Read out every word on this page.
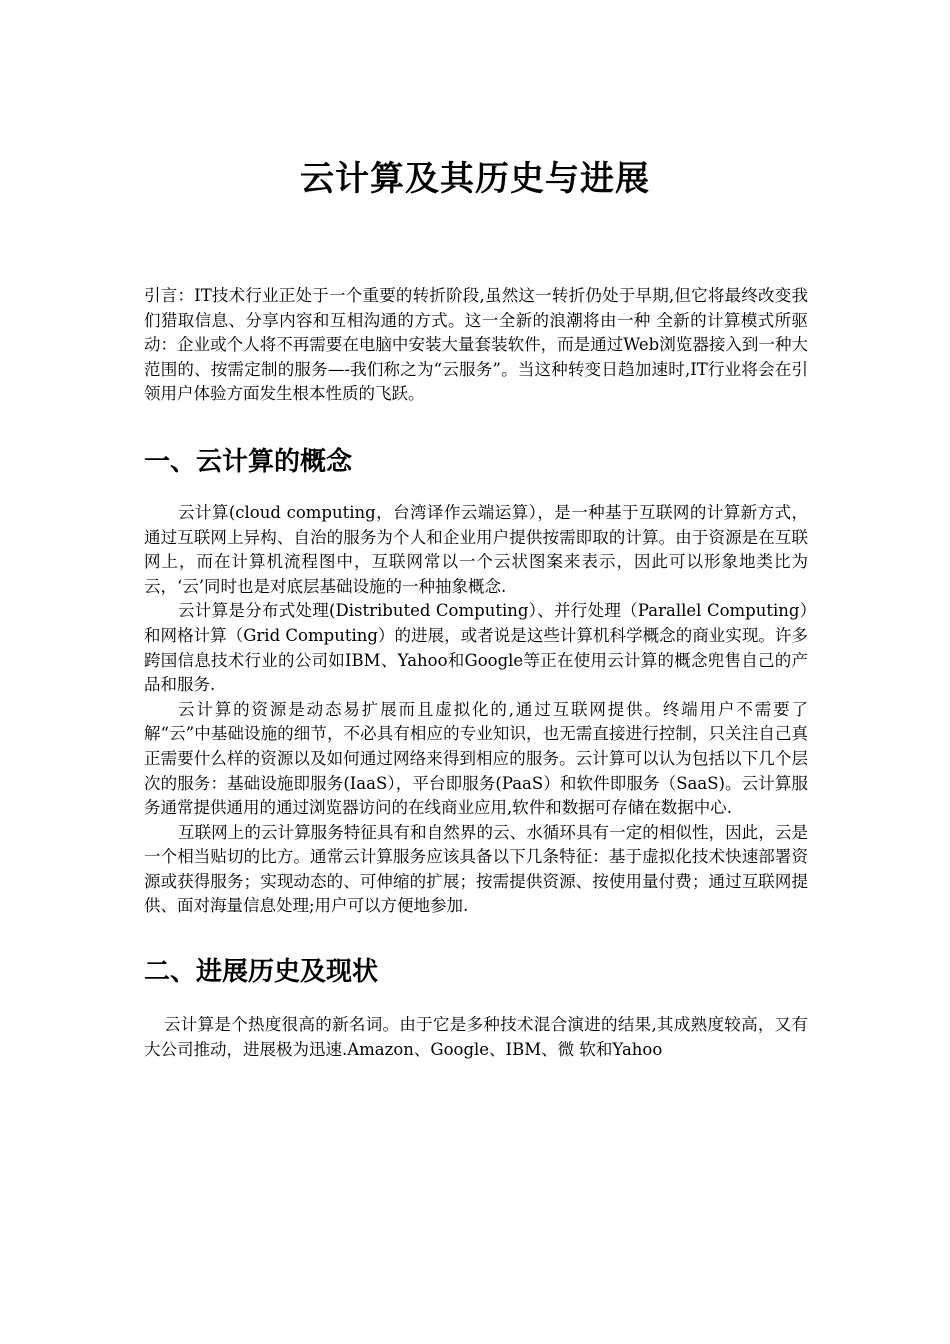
云计算及其历史与进展

引言：IT技术行业正处于一个重要的转折阶段,虽然这一转折仍处于早期,但它将最终改变我们猎取信息、分享内容和互相沟通的方式。这一全新的浪潮将由一种 全新的计算模式所驱动：企业或个人将不再需要在电脑中安装大量套装软件，而是通过Web浏览器接入到一种大范围的、按需定制的服务—-我们称之为“云服务”。当这种转变日趋加速时,IT行业将会在引领用户体验方面发生根本性质的飞跃。

一、云计算的概念

云计算(cloud computing，台湾译作云端运算），是一种基于互联网的计算新方式，通过互联网上异构、自治的服务为个人和企业用户提供按需即取的计算。由于资源是在互联网上，而在计算机流程图中，互联网常以一个云状图案来表示，因此可以形象地类比为云，‘云’同时也是对底层基础设施的一种抽象概念.

云计算是分布式处理(Distributed Computing）、并行处理（Parallel Computing）和网格计算（Grid Computing）的进展，或者说是这些计算机科学概念的商业实现。许多跨国信息技术行业的公司如IBM、Yahoo和Google等正在使用云计算的概念兜售自己的产品和服务.

云计算的资源是动态易扩展而且虚拟化的,通过互联网提供。终端用户不需要了解“云”中基础设施的细节，不必具有相应的专业知识，也无需直接进行控制，只关注自己真正需要什么样的资源以及如何通过网络来得到相应的服务。云计算可以认为包括以下几个层次的服务：基础设施即服务(IaaS），平台即服务(PaaS）和软件即服务（SaaS)。云计算服务通常提供通用的通过浏览器访问的在线商业应用,软件和数据可存储在数据中心.

互联网上的云计算服务特征具有和自然界的云、水循环具有一定的相似性，因此，云是一个相当贴切的比方。通常云计算服务应该具备以下几条特征：基于虚拟化技术快速部署资源或获得服务；实现动态的、可伸缩的扩展；按需提供资源、按使用量付费；通过互联网提供、面对海量信息处理;用户可以方便地参加.

二、进展历史及现状

云计算是个热度很高的新名词。由于它是多种技术混合演进的结果,其成熟度较高，又有大公司推动，进展极为迅速.Amazon、Google、IBM、微 软和Yahoo
